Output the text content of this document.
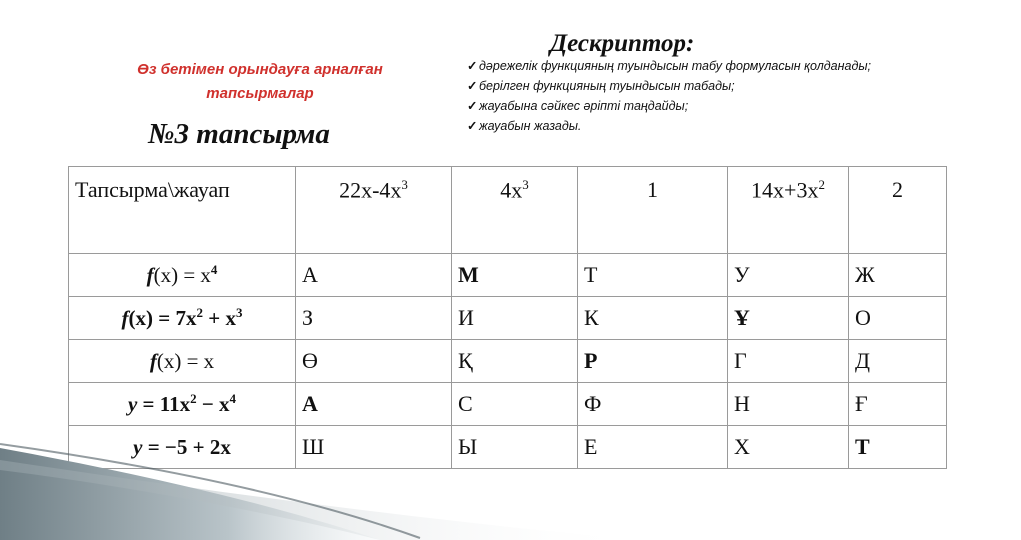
Өз бетімен орындауға арналған тапсырмалар
№3 тапсырма
Дескриптор:
✓ дәрежелік функцияның туындысын табу формуласын қолданады;
✓ берілген функцияның туындысын табады;
✓ жауабына сәйкес әріпті таңдайды;
✓ жауабын жазады.
Тапсырма\жауап	$22x-4x^3$	$4x^3$	1	$14x+3x^2$	2
$f(x) = x^4$	А	М	Т	У	Ж
$f(x) = 7x^2 + x^3$	З	И	К	Ұ	О
f(x) = x	Ө	Қ	Р	Г	Д
$y = 11x^2 - x^4$	А	С	Ф	Н	Ғ
y = −5 + 2x	Ш	Ы	Е	Х	Т
